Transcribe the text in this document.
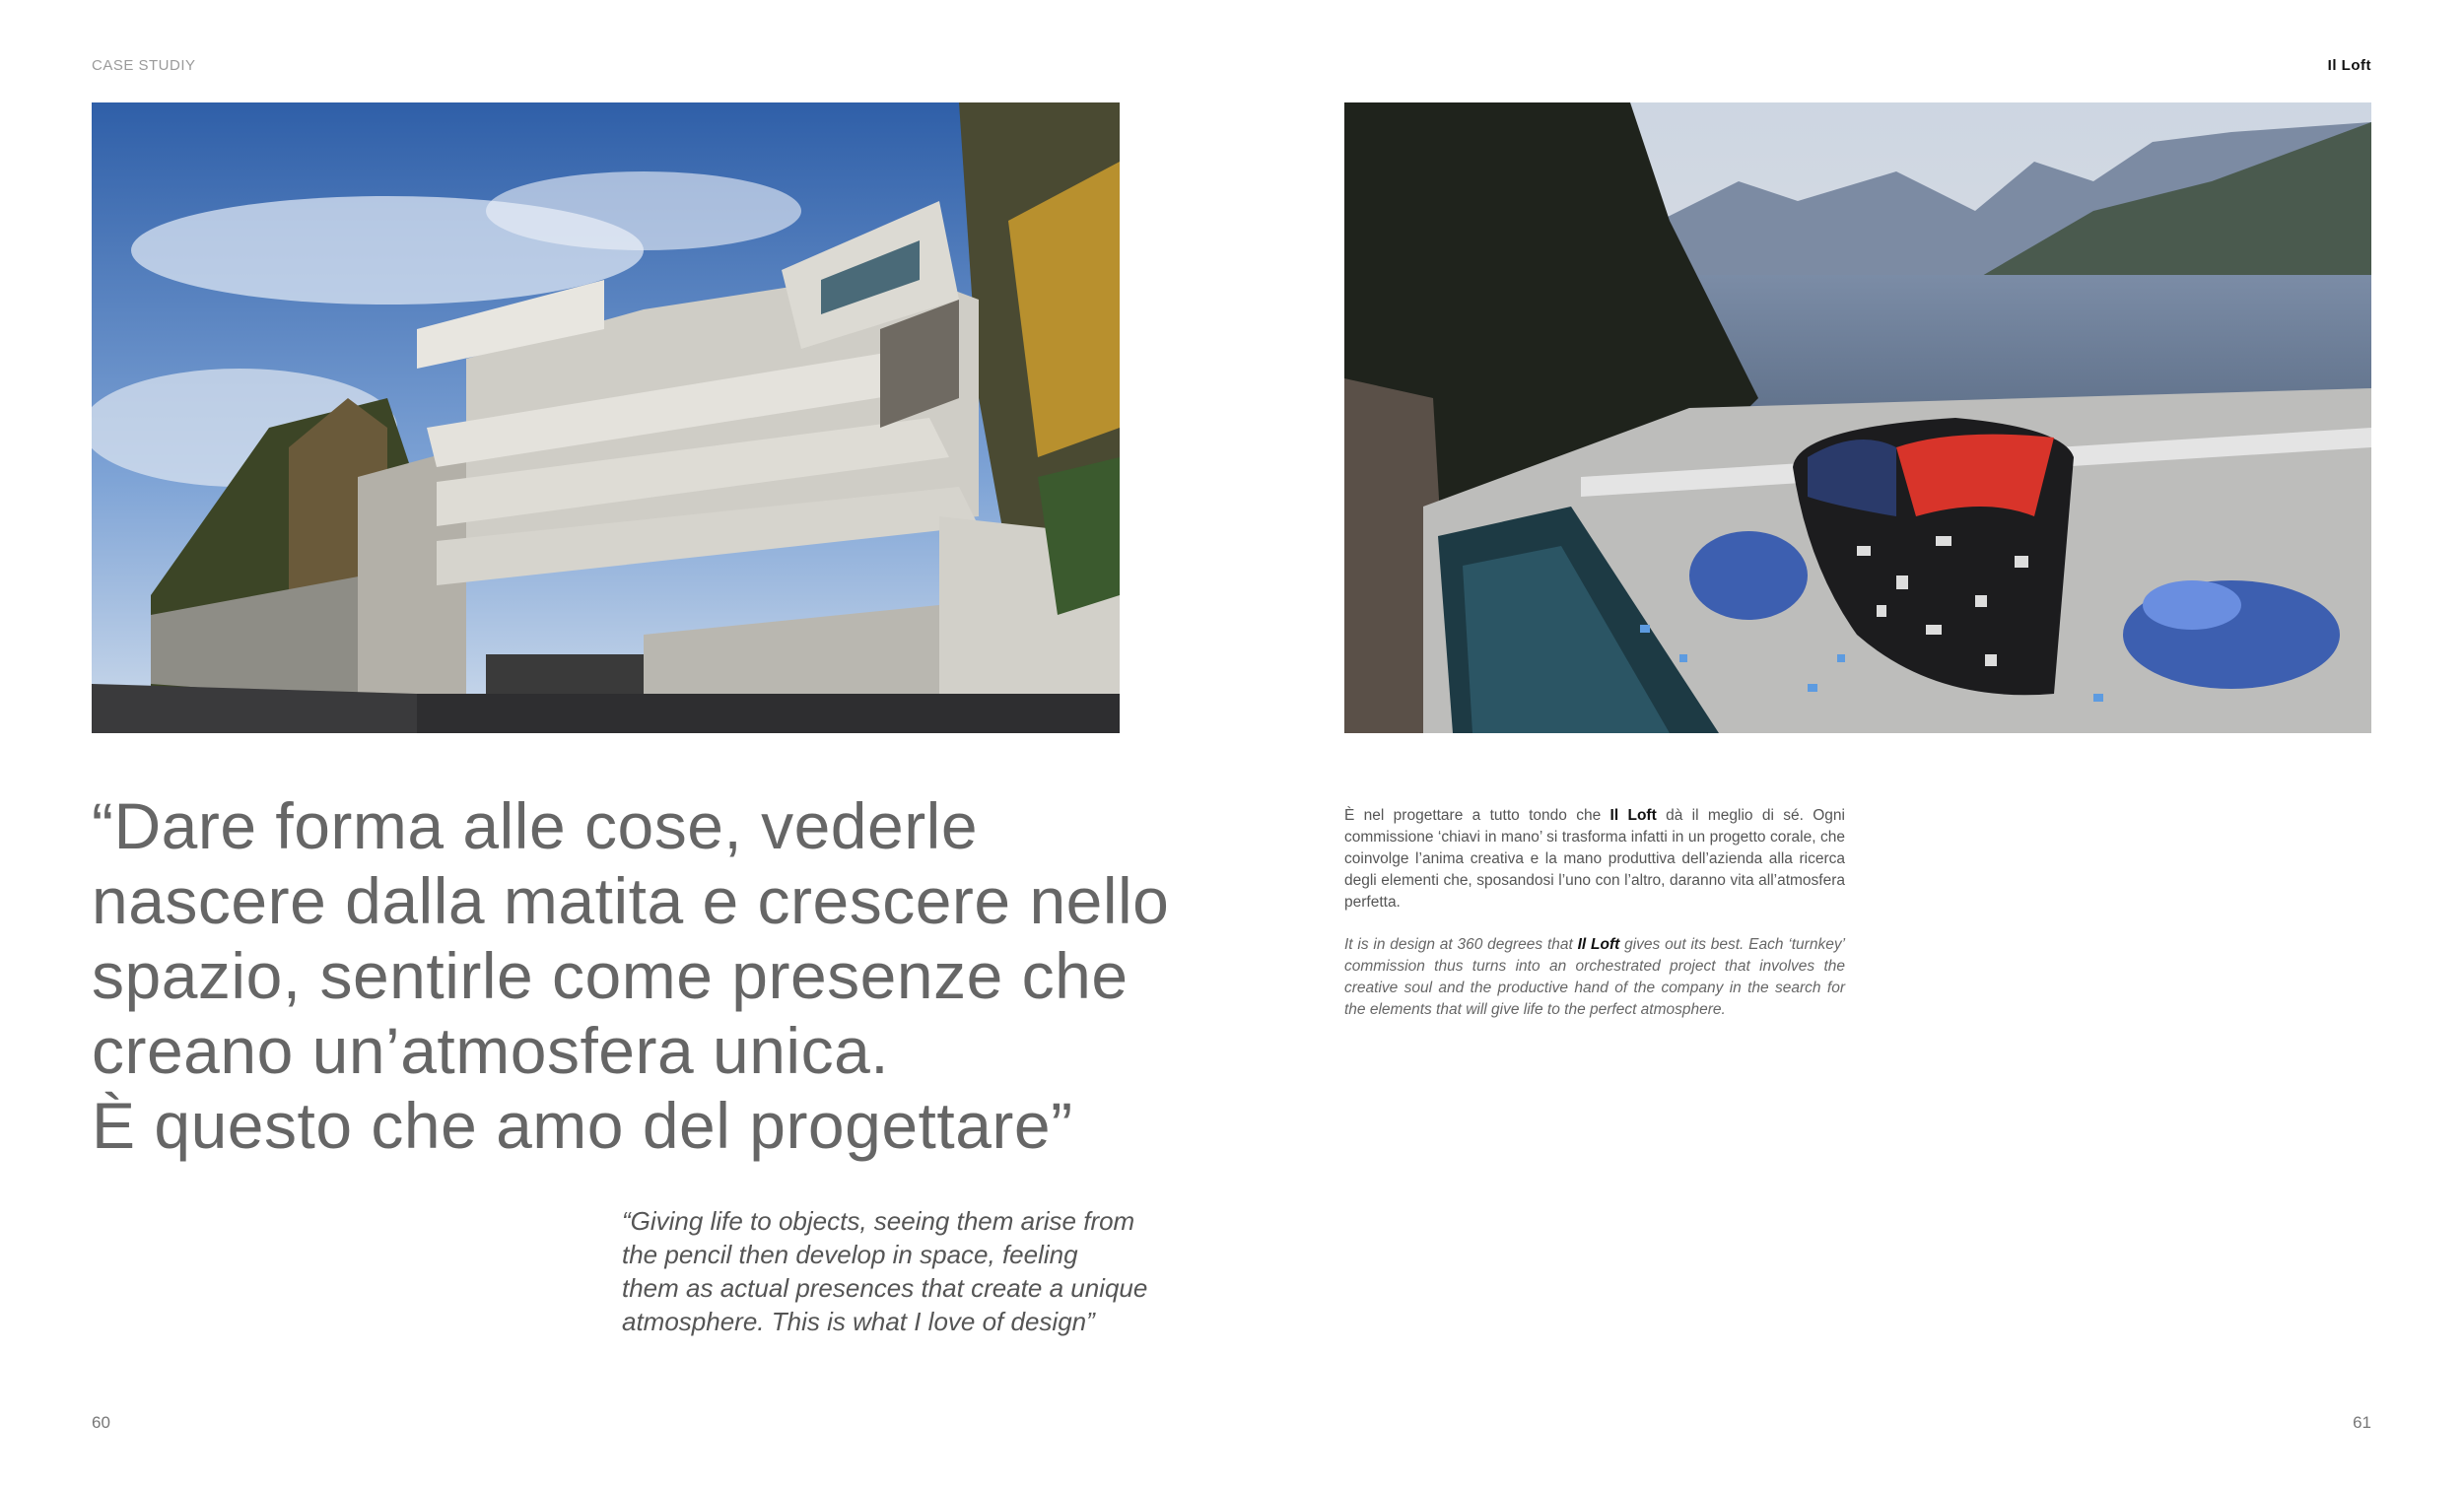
CASE STUDIY	Il Loft
“Dare forma alle cose, vederle
nascere dalla matita e crescere nello
spazio, sentirle come presenze che
creano un’atmosfera unica.
È questo che amo del progettare”
“Giving life to objects, seeing them arise from
the pencil then develop in space, feeling
them as actual presences that create a unique
atmosphere. This is what I love of design”
È nel progettare a tutto tondo che Il Loft dà il meglio di sé. Ogni commissione ‘chiavi in mano’ si trasforma infatti in un progetto corale, che coinvolge l’anima creativa e la mano produttiva dell’azienda alla ricerca degli elementi che, sposandosi l’uno con l’altro, daranno vita all’atmosfera perfetta.
It is in design at 360 degrees that Il Loft gives out its best. Each ‘turnkey’ commission thus turns into an orchestrated project that involves the creative soul and the productive hand of the company in the search for the elements that will give life to the perfect atmosphere.
60	61
